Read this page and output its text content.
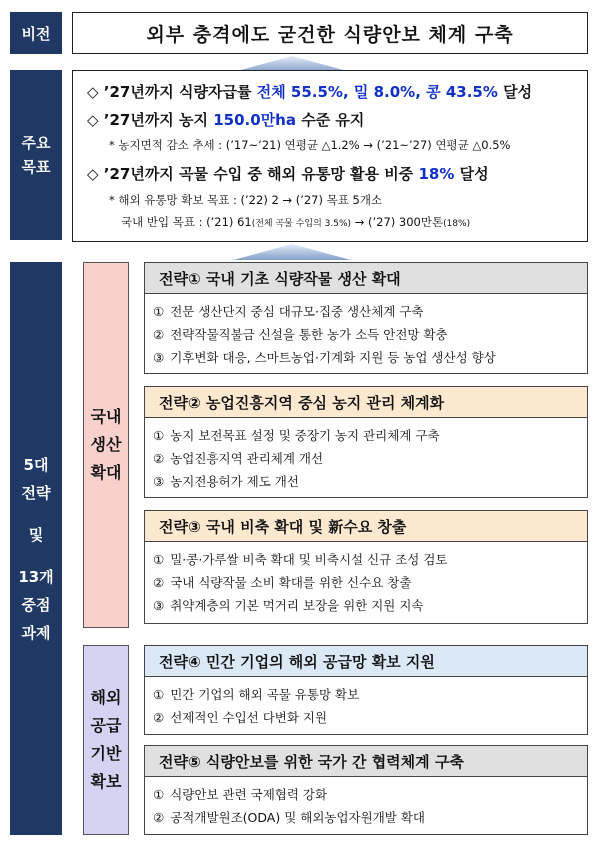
비전	외부 충격에도 굳건한 식량안보 체계 구축
주요
목표
◇ ’27년까지 식량자급률 전체 55.5%, 밀 8.0%, 콩 43.5% 달성
◇ ’27년까지 농지 150.0만ha 수준 유지
* 농지면적 감소 추세 : (’17~’21) 연평균 △1.2% → (’21~’27) 연평균 △0.5%
◇ ’27년까지 곡물 수입 중 해외 유통망 활용 비중 18% 달성
* 해외 유통망 확보 목표 : (’22) 2 → (’27) 목표 5개소
국내 반입 목표 : (’21) 61(전체 곡물 수입의 3.5%) → (’27) 300만톤(18%)
5대
전략
및
13개
중점
과제
국내
생산
확대
해외
공급
기반
확보
전략① 국내 기초 식량작물 생산 확대
① 전문 생산단지 중심 대규모·집중 생산체계 구축
② 전략작물직불금 신설을 통한 농가 소득 안전망 확충
③ 기후변화 대응, 스마트농업·기계화 지원 등 농업 생산성 향상
전략② 농업진흥지역 중심 농지 관리 체계화
① 농지 보전목표 설정 및 중장기 농지 관리체계 구축
② 농업진흥지역 관리체계 개선
③ 농지전용허가 제도 개선
전략③ 국내 비축 확대 및 新수요 창출
① 밀·콩·가루쌀 비축 확대 및 비축시설 신규 조성 검토
② 국내 식량작물 소비 확대를 위한 신수요 창출
③ 취약계층의 기본 먹거리 보장을 위한 지원 지속
전략④ 민간 기업의 해외 공급망 확보 지원
① 민간 기업의 해외 곡물 유통망 확보
② 선제적인 수입선 다변화 지원
전략⑤ 식량안보를 위한 국가 간 협력체계 구축
① 식량안보 관련 국제협력 강화
② 공적개발원조(ODA) 및 해외농업자원개발 확대
